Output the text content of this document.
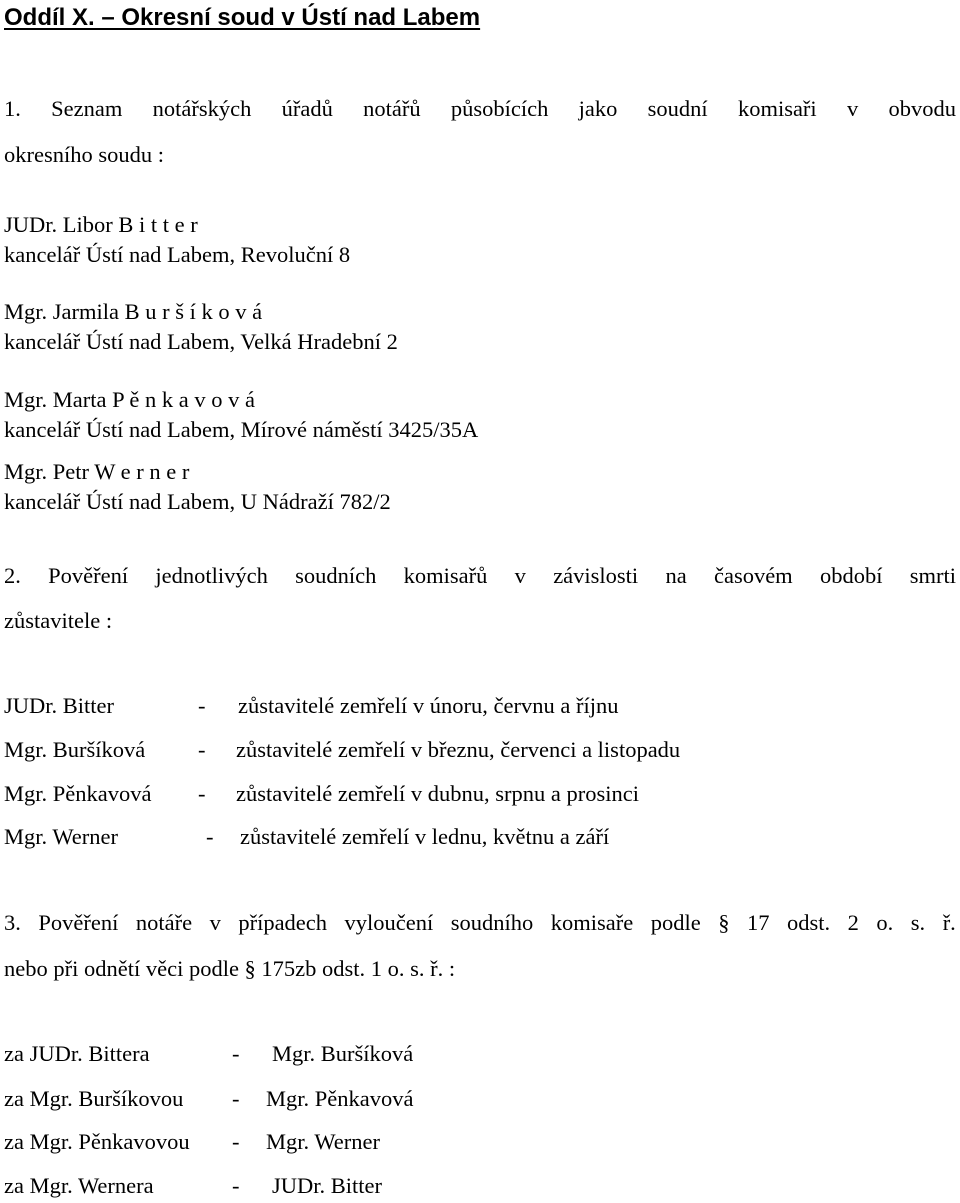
Oddíl X. – Okresní soud v Ústí nad Labem
1. Seznam notářských úřadů notářů působících jako soudní komisaři v obvodu
okresního soudu :
JUDr. Libor B i t t e r
kancelář Ústí nad Labem, Revoluční 8
Mgr. Jarmila B u r š í k o v á
kancelář Ústí nad Labem, Velká Hradební 2
Mgr. Marta P ě n k a v o v á
kancelář Ústí nad Labem, Mírové náměstí 3425/35A
Mgr. Petr W e r n e r
kancelář Ústí nad Labem, U Nádraží 782/2
2. Pověření jednotlivých soudních komisařů v závislosti na časovém období smrti
zůstavitele :
JUDr. Bitter	- zůstavitelé zemřelí v únoru, červnu a říjnu
Mgr. Buršíková - zůstavitelé zemřelí v březnu, červenci a listopadu
Mgr. Pěnkavová - zůstavitelé zemřelí v dubnu, srpnu a prosinci
Mgr. Werner	- zůstavitelé zemřelí v lednu, květnu a září
3. Pověření notáře v případech vyloučení soudního komisaře podle § 17 odst. 2 o. s. ř.
nebo při odnětí věci podle § 175zb odst. 1 o. s. ř. :
za JUDr. Bittera	- Mgr. Buršíková
za Mgr. Buršíkovou - Mgr. Pěnkavová
za Mgr. Pěnkavovou - Mgr. Werner
za Mgr. Wernera	- JUDr. Bitter
